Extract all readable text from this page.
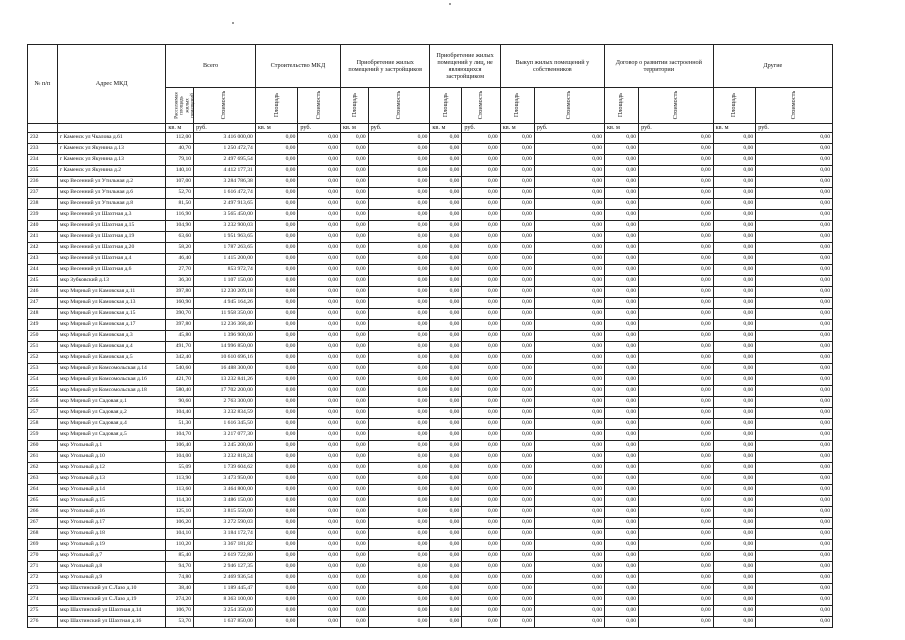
№ п/п	Адрес МКД	Всего		Строительство МКД		Приобретение жилых помещений у застройщиков		Приобретение жилых помещений у лиц, не являющихся застройщиком		Выкуп жилых помещений у собственников		Договор о развитии застроенной территории		Другие	
		Расселяемая площадь жилых помещений	Стоимость	Площадь	Стоимость	Площадь	Стоимость	Площадь	Стоимость	Площадь	Стоимость	Площадь	Стоимость	Площадь	Стоимость
		кв. м	руб.	кв. м	руб.	кв. м	руб.	кв. м	руб.	кв. м	руб.	кв. м	руб.	кв. м	руб.
232	г Каменск ул Чкалова д.61	112,00	3 416 000,00	0,00	0,00	0,00	0,00	0,00	0,00	0,00	0,00	0,00	0,00	0,00	0,00
233	г Каменск ул Якунина д.13	40,70	1 250 472,74	0,00	0,00	0,00	0,00	0,00	0,00	0,00	0,00	0,00	0,00	0,00	0,00
234	г Каменск ул Якунина д.13	79,10	2 497 695,54	0,00	0,00	0,00	0,00	0,00	0,00	0,00	0,00	0,00	0,00	0,00	0,00
235	г Каменск ул Якунина д.2	140,10	4 412 177,31	0,00	0,00	0,00	0,00	0,00	0,00	0,00	0,00	0,00	0,00	0,00	0,00
236	мкр Весенний ул Утильная д.2	107,00	3 284 786,38	0,00	0,00	0,00	0,00	0,00	0,00	0,00	0,00	0,00	0,00	0,00	0,00
237	мкр Весенний ул Утильная д.6	52,70	1 616 472,74	0,00	0,00	0,00	0,00	0,00	0,00	0,00	0,00	0,00	0,00	0,00	0,00
238	мкр Весенний ул Утильная д.8	81,50	2 497 913,65	0,00	0,00	0,00	0,00	0,00	0,00	0,00	0,00	0,00	0,00	0,00	0,00
239	мкр Весенний ул Шахтная д.3	116,90	3 565 450,00	0,00	0,00	0,00	0,00	0,00	0,00	0,00	0,00	0,00	0,00	0,00	0,00
240	мкр Весенний ул Шахтная д.15	104,90	3 232 900,03	0,00	0,00	0,00	0,00	0,00	0,00	0,00	0,00	0,00	0,00	0,00	0,00
241	мкр Весенний ул Шахтная д.19	63,60	1 951 963,65	0,00	0,00	0,00	0,00	0,00	0,00	0,00	0,00	0,00	0,00	0,00	0,00
242	мкр Весенний ул Шахтная д.20	58,20	1 787 263,65	0,00	0,00	0,00	0,00	0,00	0,00	0,00	0,00	0,00	0,00	0,00	0,00
243	мкр Весенний ул Шахтная д.4	46,40	1 415 200,00	0,00	0,00	0,00	0,00	0,00	0,00	0,00	0,00	0,00	0,00	0,00	0,00
244	мкр Весенний ул Шахтная д.6	27,70	853 972,74	0,00	0,00	0,00	0,00	0,00	0,00	0,00	0,00	0,00	0,00	0,00	0,00
245	мкр Зубковский д.13	36,30	1 107 150,00	0,00	0,00	0,00	0,00	0,00	0,00	0,00	0,00	0,00	0,00	0,00	0,00
246	мкр Мирный ул Камовская д.11	397,80	12 230 209,18	0,00	0,00	0,00	0,00	0,00	0,00	0,00	0,00	0,00	0,00	0,00	0,00
247	мкр Мирный ул Камовская д.13	160,90	4 945 164,26	0,00	0,00	0,00	0,00	0,00	0,00	0,00	0,00	0,00	0,00	0,00	0,00
248	мкр Мирный ул Камовская д.15	390,70	11 958 350,00	0,00	0,00	0,00	0,00	0,00	0,00	0,00	0,00	0,00	0,00	0,00	0,00
249	мкр Мирный ул Камовская д.17	397,80	12 236 368,40	0,00	0,00	0,00	0,00	0,00	0,00	0,00	0,00	0,00	0,00	0,00	0,00
250	мкр Мирный ул Камовская д.3	45,80	1 396 900,00	0,00	0,00	0,00	0,00	0,00	0,00	0,00	0,00	0,00	0,00	0,00	0,00
251	мкр Мирный ул Камовская д.4	491,70	14 996 850,00	0,00	0,00	0,00	0,00	0,00	0,00	0,00	0,00	0,00	0,00	0,00	0,00
252	мкр Мирный ул Камовская д.5	342,40	10 610 696,16	0,00	0,00	0,00	0,00	0,00	0,00	0,00	0,00	0,00	0,00	0,00	0,00
253	мкр Мирный ул Комсомольская д.14	540,60	16 488 300,00	0,00	0,00	0,00	0,00	0,00	0,00	0,00	0,00	0,00	0,00	0,00	0,00
254	мкр Мирный ул Комсомольская д.16	421,70	13 232 841,26	0,00	0,00	0,00	0,00	0,00	0,00	0,00	0,00	0,00	0,00	0,00	0,00
255	мкр Мирный ул Комсомольская д.18	580,40	17 702 200,00	0,00	0,00	0,00	0,00	0,00	0,00	0,00	0,00	0,00	0,00	0,00	0,00
256	мкр Мирный ул Садовая д.1	90,60	2 763 300,00	0,00	0,00	0,00	0,00	0,00	0,00	0,00	0,00	0,00	0,00	0,00	0,00
257	мкр Мирный ул Садовая д.2	104,40	3 232 834,59	0,00	0,00	0,00	0,00	0,00	0,00	0,00	0,00	0,00	0,00	0,00	0,00
258	мкр Мирный ул Садовая д.4	51,30	1 616 345,50	0,00	0,00	0,00	0,00	0,00	0,00	0,00	0,00	0,00	0,00	0,00	0,00
259	мкр Мирный ул Садовая д.5	104,70	3 217 077,30	0,00	0,00	0,00	0,00	0,00	0,00	0,00	0,00	0,00	0,00	0,00	0,00
260	мкр Угольный д.1	106,40	3 245 200,00	0,00	0,00	0,00	0,00	0,00	0,00	0,00	0,00	0,00	0,00	0,00	0,00
261	мкр Угольный д.10	104,00	3 232 818,24	0,00	0,00	0,00	0,00	0,00	0,00	0,00	0,00	0,00	0,00	0,00	0,00
262	мкр Угольный д.12	55,09	1 739 604,62	0,00	0,00	0,00	0,00	0,00	0,00	0,00	0,00	0,00	0,00	0,00	0,00
263	мкр Угольный д.13	113,90	3 473 950,00	0,00	0,00	0,00	0,00	0,00	0,00	0,00	0,00	0,00	0,00	0,00	0,00
264	мкр Угольный д.14	113,60	3 464 800,00	0,00	0,00	0,00	0,00	0,00	0,00	0,00	0,00	0,00	0,00	0,00	0,00
265	мкр Угольный д.15	114,30	3 486 150,00	0,00	0,00	0,00	0,00	0,00	0,00	0,00	0,00	0,00	0,00	0,00	0,00
266	мкр Угольный д.16	125,10	3 815 550,00	0,00	0,00	0,00	0,00	0,00	0,00	0,00	0,00	0,00	0,00	0,00	0,00
267	мкр Угольный д.17	106,20	3 272 590,03	0,00	0,00	0,00	0,00	0,00	0,00	0,00	0,00	0,00	0,00	0,00	0,00
268	мкр Угольный д.18	104,10	3 184 172,74	0,00	0,00	0,00	0,00	0,00	0,00	0,00	0,00	0,00	0,00	0,00	0,00
269	мкр Угольный д.19	110,20	3 367 181,82	0,00	0,00	0,00	0,00	0,00	0,00	0,00	0,00	0,00	0,00	0,00	0,00
270	мкр Угольный д.7	85,40	2 619 722,80	0,00	0,00	0,00	0,00	0,00	0,00	0,00	0,00	0,00	0,00	0,00	0,00
271	мкр Угольный д.8	94,70	2 946 127,35	0,00	0,00	0,00	0,00	0,00	0,00	0,00	0,00	0,00	0,00	0,00	0,00
272	мкр Угольный д.9	74,80	2 469 936,54	0,00	0,00	0,00	0,00	0,00	0,00	0,00	0,00	0,00	0,00	0,00	0,00
273	мкр Шахтинский ул С.Лазо д.10	38,40	1 189 445,47	0,00	0,00	0,00	0,00	0,00	0,00	0,00	0,00	0,00	0,00	0,00	0,00
274	мкр Шахтинский ул С.Лазо д.19	274,20	8 363 100,00	0,00	0,00	0,00	0,00	0,00	0,00	0,00	0,00	0,00	0,00	0,00	0,00
275	мкр Шахтинский ул Шахтная д.14	106,70	3 254 350,00	0,00	0,00	0,00	0,00	0,00	0,00	0,00	0,00	0,00	0,00	0,00	0,00
276	мкр Шахтинский ул Шахтная д.16	53,70	1 637 850,00	0,00	0,00	0,00	0,00	0,00	0,00	0,00	0,00	0,00	0,00	0,00	0,00
